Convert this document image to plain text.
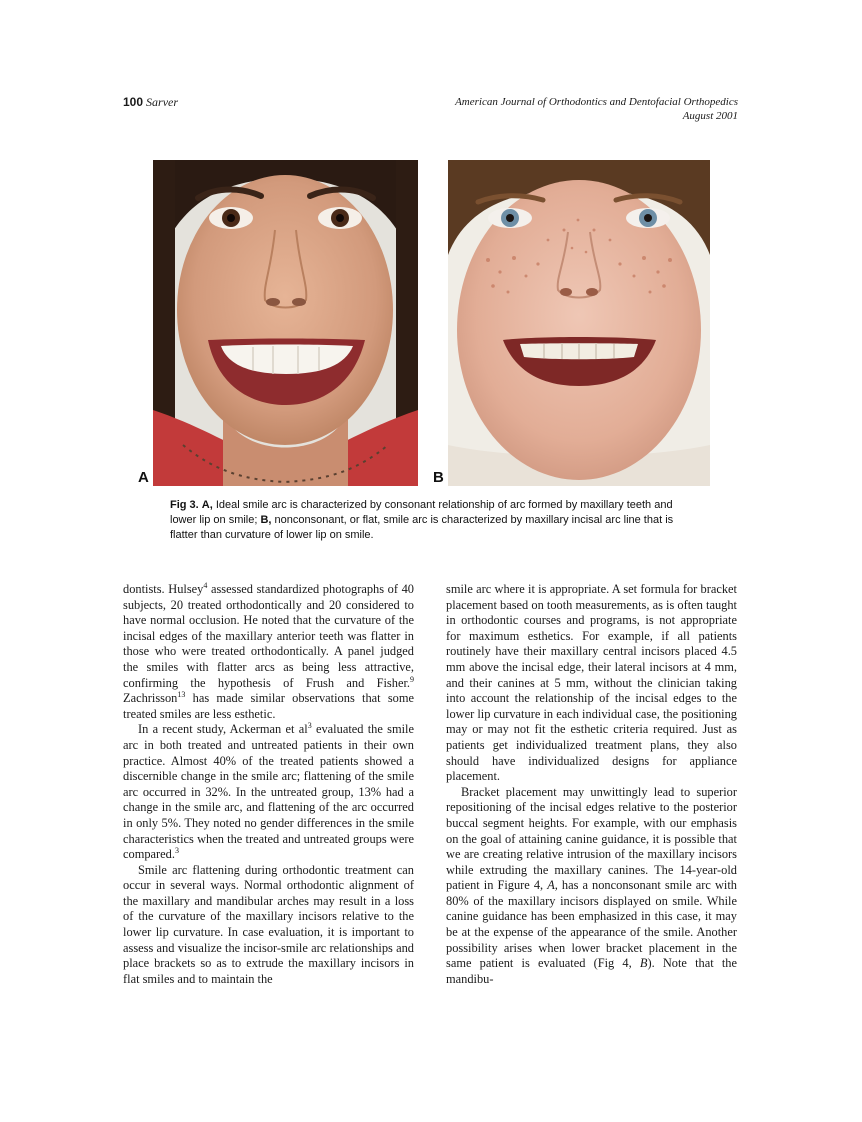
100 Sarver	American Journal of Orthodontics and Dentofacial Orthopedics
August 2001
A	B
Fig 3. A, Ideal smile arc is characterized by consonant relationship of arc formed by maxillary teeth and lower lip on smile; B, nonconsonant, or flat, smile arc is characterized by maxillary incisal arc line that is flatter than curvature of lower lip on smile.

dontists. Hulsey$^4$ assessed standardized photographs of 40 subjects, 20 treated orthodontically and 20 considered to have normal occlusion. He noted that the curvature of the incisal edges of the maxillary anterior teeth was flatter in those who were treated orthodontically. A panel judged the smiles with flatter arcs as being less attractive, confirming the hypothesis of Frush and Fisher.$^9$ Zachrisson$^{13}$ has made similar observations that some treated smiles are less esthetic.

In a recent study, Ackerman et $al^3$ evaluated the smile arc in both treated and untreated patients in their own practice. Almost 40% of the treated patients showed a discernible change in the smile arc; flattening of the smile arc occurred in 32%. In the untreated group, 13% had a change in the smile arc, and flattening of the arc occurred in only 5%. They noted no gender differences in the smile characteristics when the treated and untreated groups were compared.$^3$

Smile arc flattening during orthodontic treatment can occur in several ways. Normal orthodontic alignment of the maxillary and mandibular arches may result in a loss of the curvature of the maxillary incisors relative to the lower lip curvature. In case evaluation, it is important to assess and visualize the incisor-smile arc relationships and place brackets so as to extrude the maxillary incisors in flat smiles and to maintain the

smile arc where it is appropriate. A set formula for bracket placement based on tooth measurements, as is often taught in orthodontic courses and programs, is not appropriate for maximum esthetics. For example, if all patients routinely have their maxillary central incisors placed 4.5 mm above the incisal edge, their lateral incisors at 4 mm, and their canines at 5 mm, without the clinician taking into account the relationship of the incisal edges to the lower lip curvature in each individual case, the positioning may or may not fit the esthetic criteria required. Just as patients get individualized treatment plans, they also should have individualized designs for appliance placement.

Bracket placement may unwittingly lead to superior repositioning of the incisal edges relative to the posterior buccal segment heights. For example, with our emphasis on the goal of attaining canine guidance, it is possible that we are creating relative intrusion of the maxillary incisors while extruding the maxillary canines. The 14-year-old patient in Figure 4, A, has a nonconsonant smile arc with 80% of the maxillary incisors displayed on smile. While canine guidance has been emphasized in this case, it may be at the expense of the appearance of the smile. Another possibility arises when lower bracket placement in the same patient is evaluated (Fig 4, B). Note that the mandibu-
